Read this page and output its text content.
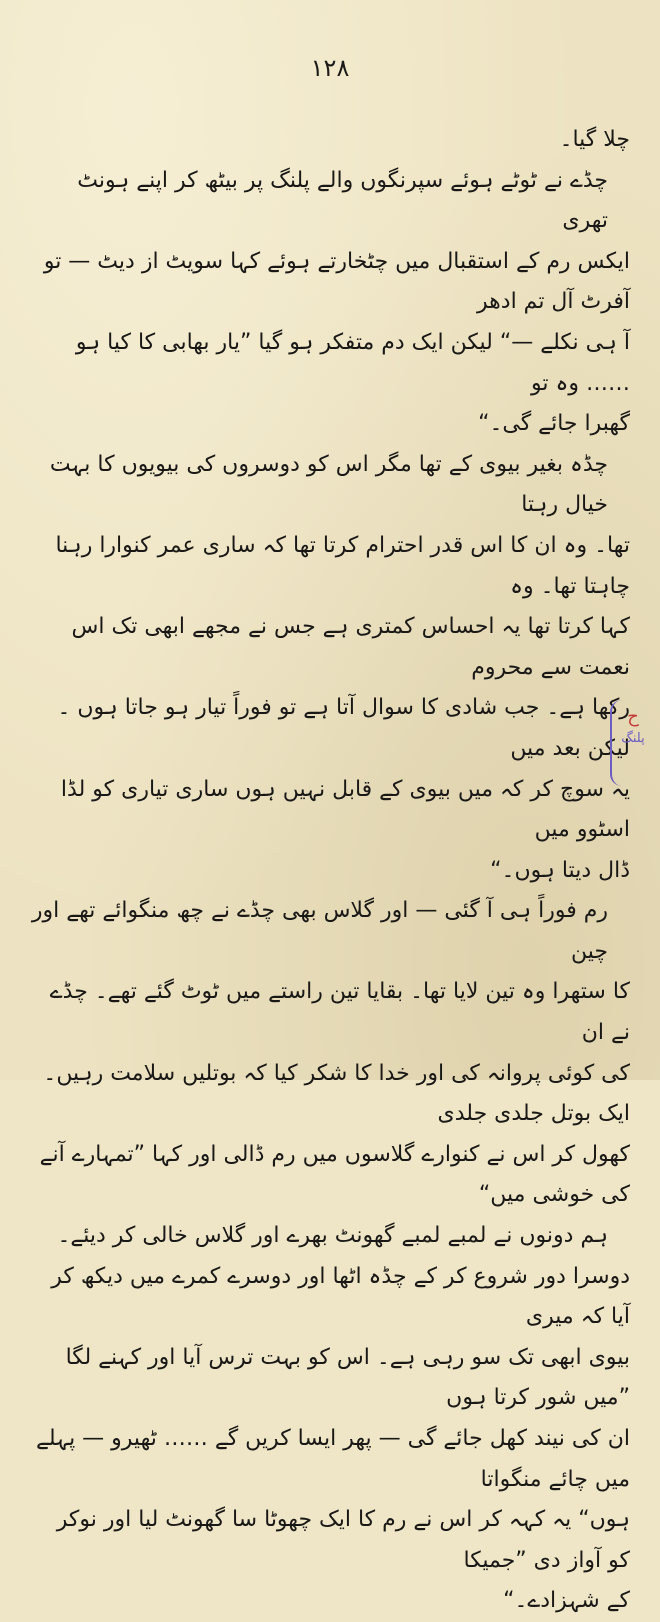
۱۲۸

چلا گیا۔

چڈے نے ٹوٹے ہوئے سپرنگوں والے پلنگ پر بیٹھ کر اپنے ہونٹ تھری

ایکس رم کے استقبال میں چٹخارتے ہوئے کہا سویٹ از دیٹ — تو آفرٹ آل تم ادھر

آ ہی نکلے —“ لیکن ایک دم متفکر ہو گیا ”یار بھابی کا کیا ہو …… وہ تو

گھبرا جائے گی۔“

چڈہ بغیر بیوی کے تھا مگر اس کو دوسروں کی بیویوں کا بہت خیال رہتا

تھا۔ وہ ان کا اس قدر احترام کرتا تھا کہ ساری عمر کنوارا رہنا چاہتا تھا۔ وہ

کہا کرتا تھا یہ احساس کمتری ہے جس نے مجھے ابھی تک اس نعمت سے محروم

رکھا ہے۔ جب شادی کا سوال آتا ہے تو فوراً تیار ہو جاتا ہوں ۔ لیکن بعد میں

یہ سوچ کر کہ میں بیوی کے قابل نہیں ہوں ساری تیاری کو لڈا اسٹوو میں

ڈال دیتا ہوں۔“

رم فوراً ہی آ گئی — اور گلاس بھی چڈے نے چھ منگوائے تھے اور چین

کا ستھرا وہ تین لایا تھا۔ بقایا تین راستے میں ٹوٹ گئے تھے۔ چڈے نے ان

کی کوئی پروانہ کی اور خدا کا شکر کیا کہ بوتلیں سلامت رہیں۔ ایک بوتل جلدی جلدی

کھول کر اس نے کنوارے گلاسوں میں رم ڈالی اور کہا ”تمہارے آنے کی خوشی میں“

ہم دونوں نے لمبے لمبے گھونٹ بھرے اور گلاس خالی کر دیئے۔

دوسرا دور شروع کر کے چڈہ اٹھا اور دوسرے کمرے میں دیکھ کر آیا کہ میری

بیوی ابھی تک سو رہی ہے۔ اس کو بہت ترس آیا اور کہنے لگا ”میں شور کرتا ہوں

ان کی نیند کھل جائے گی — پھر ایسا کریں گے …… ٹھیرو — پہلے میں چائے منگواتا

ہوں“ یہ کہہ کر اس نے رم کا ایک چھوٹا سا گھونٹ لیا اور نوکر کو آواز دی ”جمیکا

کے شہزادے۔“

ح
پلنگ
